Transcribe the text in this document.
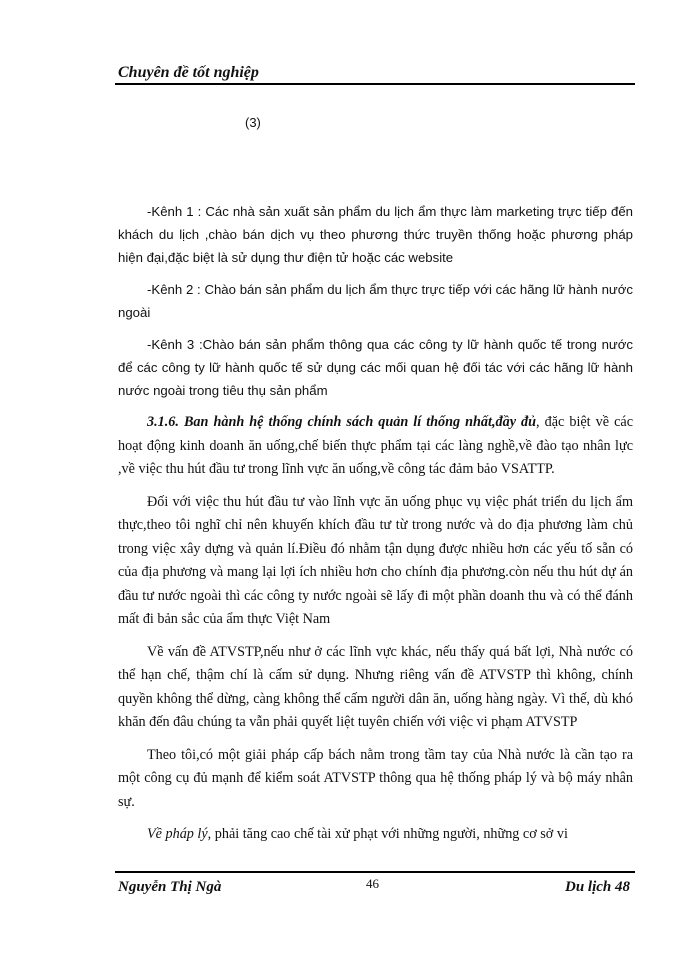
Chuyên đề tốt nghiệp
(3)

-Kênh 1 : Các nhà sản xuất sản phẩm du lịch ẩm thực làm marketing trực tiếp đến khách du lịch ,chào bán dịch vụ theo phương thức truyền thống hoặc phương pháp hiện đại,đặc biệt là sử dụng thư điện tử hoặc các website

-Kênh 2 : Chào bán sản phẩm du lịch ẩm thực trực tiếp với các hãng lữ hành nước ngoài

-Kênh 3 :Chào bán sản phẩm thông qua các công ty lữ hành quốc tế trong nước để các công ty lữ hành quốc tế sử dụng các mối quan hệ đối tác với các hãng lữ hành nước ngoài trong tiêu thụ sản phẩm

3.1.6. Ban hành hệ thống chính sách quản lí thống nhất,đầy đủ, đặc biệt về các hoạt động kinh doanh ăn uống,chế biến thực phẩm tại các làng nghề,về đào tạo nhân lực ,về việc thu hút đầu tư trong lĩnh vực ăn uống,về công tác đảm bảo VSATTP.

Đối với việc thu hút đầu tư vào lĩnh vực ăn uống phục vụ việc phát triển du lịch ẩm thực,theo tôi nghĩ chỉ nên khuyến khích đầu tư từ trong nước và do địa phương làm chủ trong việc xây dựng và quản lí.Điều đó nhằm tận dụng được nhiều hơn các yếu tố sẵn có của địa phương và mang lại lợi ích nhiều hơn cho chính địa phương.còn nếu thu hút dự án đầu tư nước ngoài thì các công ty nước ngoài sẽ lấy đi một phần doanh thu và có thể đánh mất đi bản sắc của ẩm thực Việt Nam

Về vấn đề ATVSTP,nếu như ở các lĩnh vực khác, nếu thấy quá bất lợi, Nhà nước có thể hạn chế, thậm chí là cấm sử dụng. Nhưng riêng vấn đề ATVSTP thì không, chính quyền không thể dừng, càng không thể cấm người dân ăn, uống hàng ngày. Vì thế, dù khó khăn đến đâu chúng ta vẫn phải quyết liệt tuyên chiến với việc vi phạm ATVSTP

Theo tôi,có một giải pháp cấp bách nằm trong tầm tay của Nhà nước là cần tạo ra một công cụ đủ mạnh để kiểm soát ATVSTP thông qua hệ thống pháp lý và bộ máy nhân sự.

Về pháp lý, phải tăng cao chế tài xử phạt với những người, những cơ sở vi

Nguyễn Thị Ngà	46	Du lịch 48
